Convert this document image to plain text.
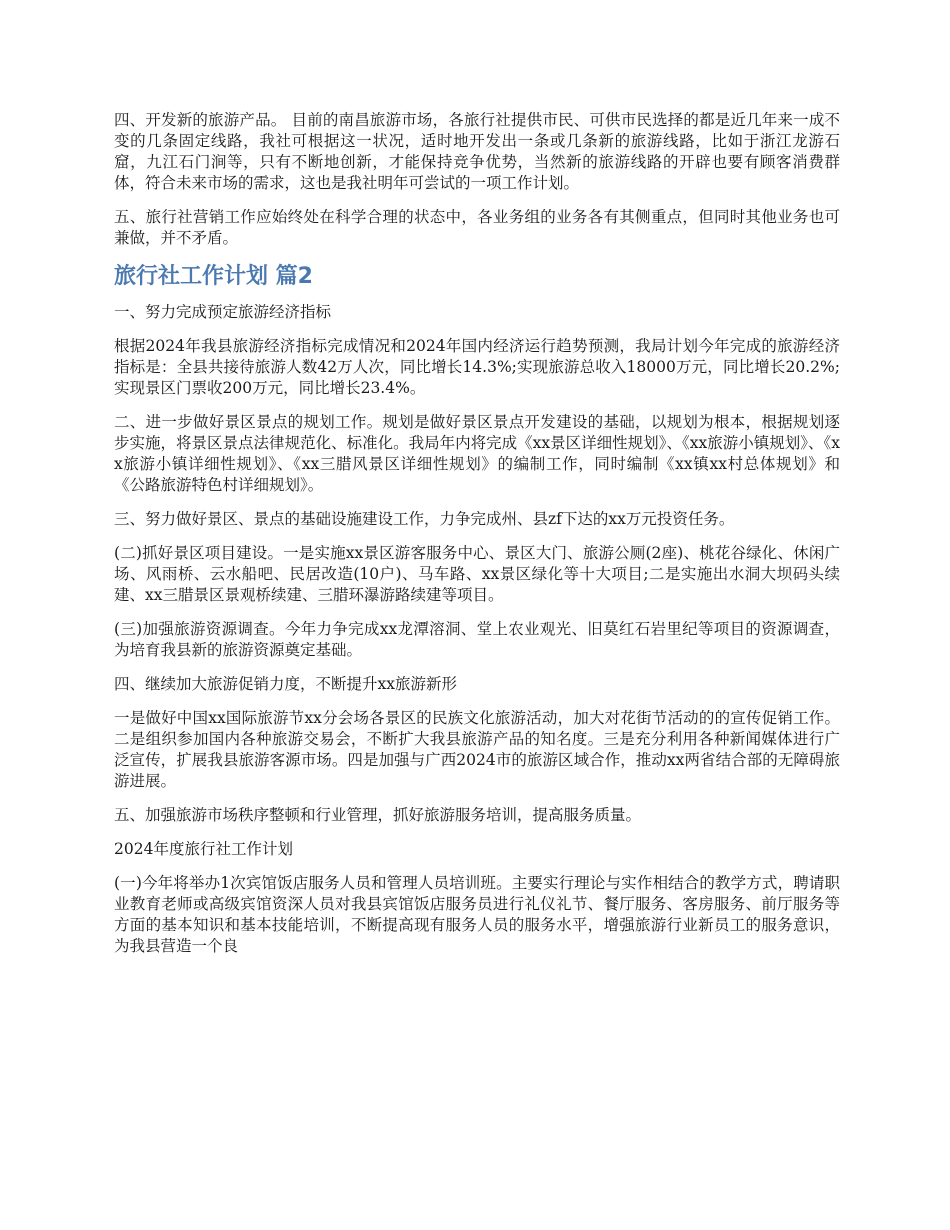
四、开发新的旅游产品。 目前的南昌旅游市场，各旅行社提供市民、可供市民选择的都是近几年来一成不变的几条固定线路，我社可根据这一状况，适时地开发出一条或几条新的旅游线路，比如于浙江龙游石窟，九江石门涧等，只有不断地创新，才能保持竞争优势，当然新的旅游线路的开辟也要有顾客消费群体，符合未来市场的需求，这也是我社明年可尝试的一项工作计划。

五、旅行社营销工作应始终处在科学合理的状态中，各业务组的业务各有其侧重点，但同时其他业务也可兼做，并不矛盾。

旅行社工作计划 篇2

一、努力完成预定旅游经济指标

根据2024年我县旅游经济指标完成情况和2024年国内经济运行趋势预测，我局计划今年完成的旅游经济指标是：全县共接待旅游人数42万人次，同比增长14.3%;实现旅游总收入18000万元，同比增长20.2%;实现景区门票收200万元，同比增长23.4%。

二、进一步做好景区景点的规划工作。规划是做好景区景点开发建设的基础，以规划为根本，根据规划逐步实施，将景区景点法律规范化、标准化。我局年内将完成《xx景区详细性规划》、《xx旅游小镇规划》、《xx旅游小镇详细性规划》、《xx三腊风景区详细性规划》的编制工作，同时编制《xx镇xx村总体规划》和《公路旅游特色村详细规划》。

三、努力做好景区、景点的基础设施建设工作，力争完成州、县zf下达的xx万元投资任务。

(二)抓好景区项目建设。一是实施xx景区游客服务中心、景区大门、旅游公厕(2座)、桃花谷绿化、休闲广场、风雨桥、云水船吧、民居改造(10户)、马车路、xx景区绿化等十大项目;二是实施出水洞大坝码头续建、xx三腊景区景观桥续建、三腊环瀑游路续建等项目。

(三)加强旅游资源调查。今年力争完成xx龙潭溶洞、堂上农业观光、旧莫红石岩里纪等项目的资源调查，为培育我县新的旅游资源奠定基础。

四、继续加大旅游促销力度，不断提升xx旅游新形

一是做好中国xx国际旅游节xx分会场各景区的民族文化旅游活动，加大对花街节活动的的宣传促销工作。二是组织参加国内各种旅游交易会，不断扩大我县旅游产品的知名度。三是充分利用各种新闻媒体进行广泛宣传，扩展我县旅游客源市场。四是加强与广西2024市的旅游区域合作，推动xx两省结合部的无障碍旅游进展。

五、加强旅游市场秩序整顿和行业管理，抓好旅游服务培训，提高服务质量。

2024年度旅行社工作计划

(一)今年将举办1次宾馆饭店服务人员和管理人员培训班。主要实行理论与实作相结合的教学方式，聘请职业教育老师或高级宾馆资深人员对我县宾馆饭店服务员进行礼仪礼节、餐厅服务、客房服务、前厅服务等方面的基本知识和基本技能培训，不断提高现有服务人员的服务水平，增强旅游行业新员工的服务意识，为我县营造一个良
